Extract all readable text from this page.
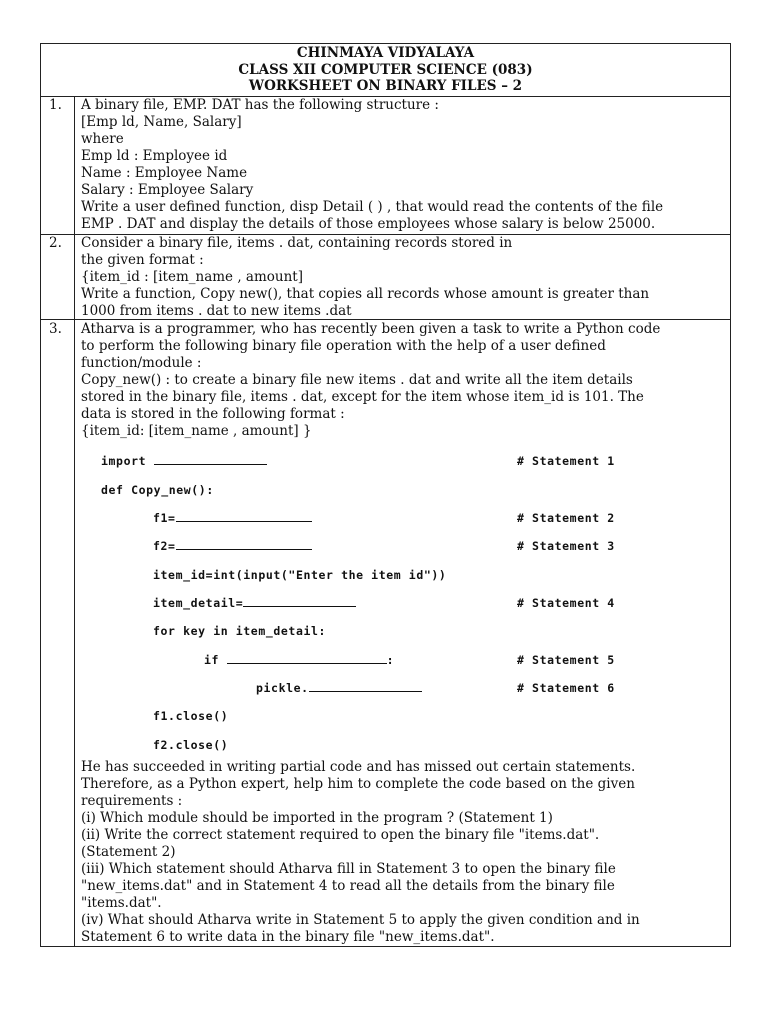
CHINMAYA VIDYALAYA
CLASS XII COMPUTER SCIENCE (083)
WORKSHEET ON BINARY FILES – 2
1. A binary file, EMP. DAT has the following structure :
[Emp ld, Name, Salary]
where
Emp ld : Employee id
Name : Employee Name
Salary : Employee Salary
Write a user defined function, disp Detail ( ) , that would read the contents of the file
EMP . DAT and display the details of those employees whose salary is below 25000.
2. Consider a binary file, items . dat, containing records stored in
the given format :
{item_id : [item_name , amount]
Write a function, Copy new(), that copies all records whose amount is greater than
1000 from items . dat to new items .dat
3. Atharva is a programmer, who has recently been given a task to write a Python code
to perform the following binary file operation with the help of a user defined
function/module :
Copy_new() : to create a binary file new items . dat and write all the item details
stored in the binary file, items . dat, except for the item whose item_id is 101. The
data is stored in the following format :
{item_id: [item_name , amount] }
import	# Statement 1
def Copy_new():
f1=	# Statement 2
f2=	# Statement 3
item_id=int(input("Enter the item id"))
item_detail=	# Statement 4
for key in item_detail:
if	:	# Statement 5
pickle.	# Statement 6
f1.close()
f2.close()
He has succeeded in writing partial code and has missed out certain statements.
Therefore, as a Python expert, help him to complete the code based on the given
requirements :
(i) Which module should be imported in the program ? (Statement 1)
(ii) Write the correct statement required to open the binary file "items.dat".
(Statement 2)
(iii) Which statement should Atharva fill in Statement 3 to open the binary file
"new_items.dat" and in Statement 4 to read all the details from the binary file
"items.dat".
(iv) What should Atharva write in Statement 5 to apply the given condition and in
Statement 6 to write data in the binary file "new_items.dat".
